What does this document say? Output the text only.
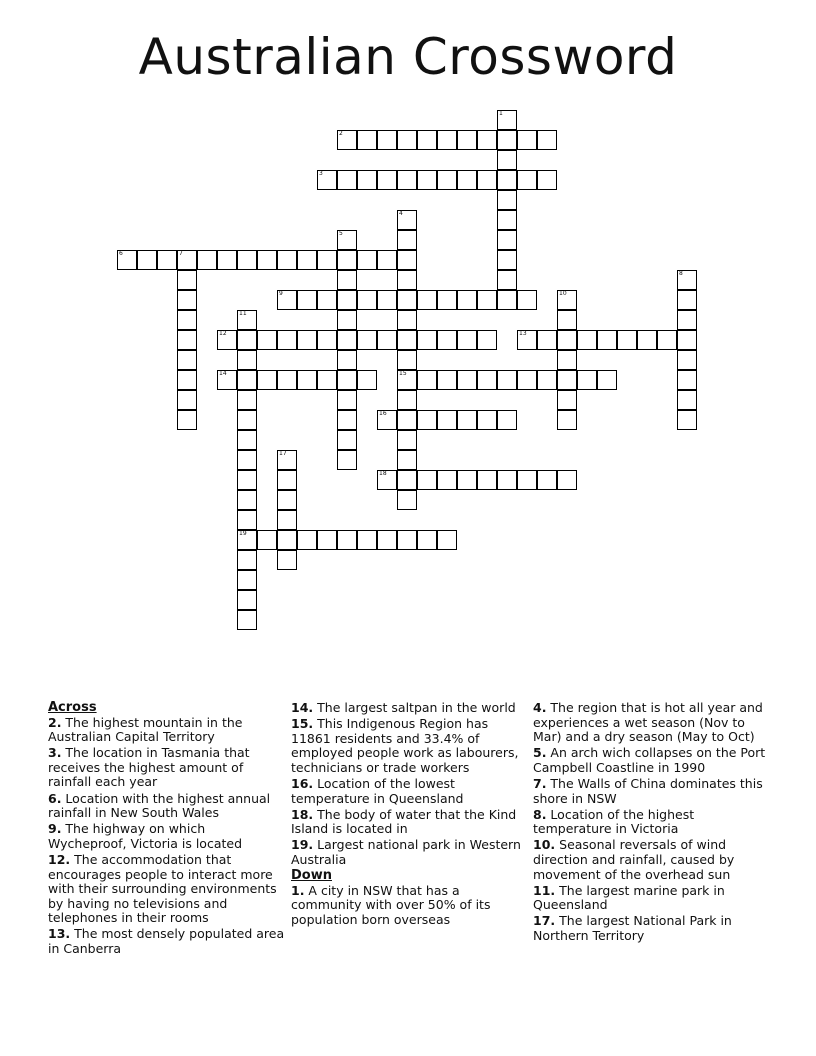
Australian Crossword
1
2
3
4
15
5
6	7
8
9	10
11
19
12	13
14
16
17
18
Across
2. The highest mountain in the Australian Capital Territory
3. The location in Tasmania that receives the highest amount of rainfall each year
6. Location with the highest annual rainfall in New South Wales
9. The highway on which Wycheproof, Victoria is located
12. The accommodation that encourages people to interact more with their surrounding environments by having no televisions and telephones in their rooms
13. The most densely populated area in Canberra
14. The largest saltpan in the world
15. This Indigenous Region has 11861 residents and 33.4% of employed people work as labourers, technicians or trade workers
16. Location of the lowest temperature in Queensland
18. The body of water that the Kind Island is located in
19. Largest national park in Western Australia
Down
1. A city in NSW that has a community with over 50% of its population born overseas
4. The region that is hot all year and experiences a wet season (Nov to Mar) and a dry season (May to Oct)
5. An arch wich collapses on the Port Campbell Coastline in 1990
7. The Walls of China dominates this shore in NSW
8. Location of the highest temperature in Victoria
10. Seasonal reversals of wind direction and rainfall, caused by movement of the overhead sun
11. The largest marine park in Queensland
17. The largest National Park in Northern Territory
